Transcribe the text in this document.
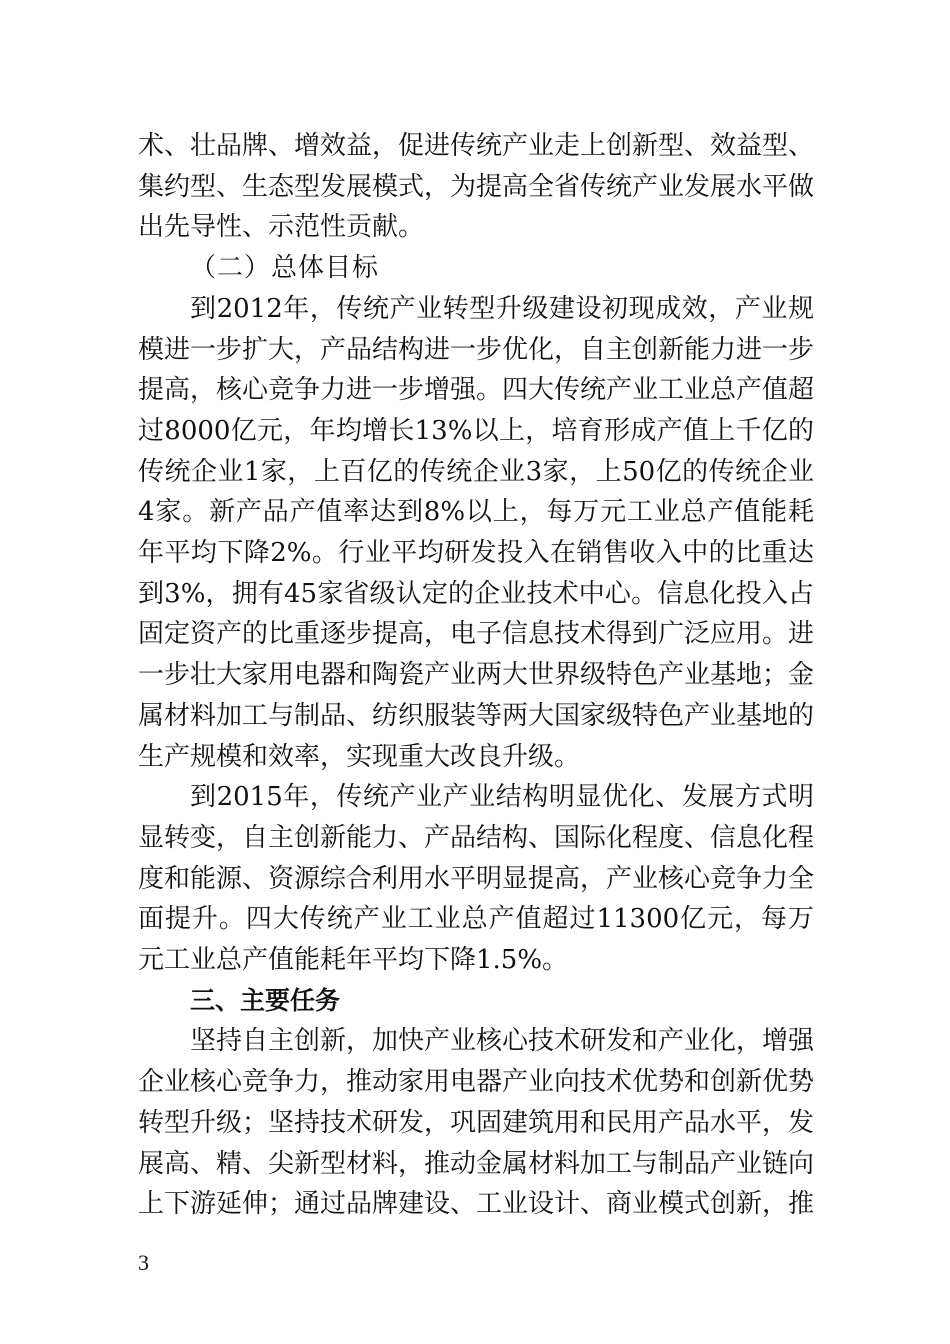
术、壮品牌、增效益，促进传统产业走上创新型、效益型、集约型、生态型发展模式，为提高全省传统产业发展水平做出先导性、示范性贡献。

（二）总体目标

到2012年，传统产业转型升级建设初现成效，产业规模进一步扩大，产品结构进一步优化，自主创新能力进一步提高，核心竞争力进一步增强。四大传统产业工业总产值超过8000亿元，年均增长13%以上，培育形成产值上千亿的传统企业1家，上百亿的传统企业3家，上50亿的传统企业4家。新产品产值率达到8%以上，每万元工业总产值能耗年平均下降2%。行业平均研发投入在销售收入中的比重达到3%，拥有45家省级认定的企业技术中心。信息化投入占固定资产的比重逐步提高，电子信息技术得到广泛应用。进一步壮大家用电器和陶瓷产业两大世界级特色产业基地；金属材料加工与制品、纺织服装等两大国家级特色产业基地的生产规模和效率，实现重大改良升级。

到2015年，传统产业产业结构明显优化、发展方式明显转变，自主创新能力、产品结构、国际化程度、信息化程度和能源、资源综合利用水平明显提高，产业核心竞争力全面提升。四大传统产业工业总产值超过11300亿元，每万元工业总产值能耗年平均下降1.5%。

三、主要任务

坚持自主创新，加快产业核心技术研发和产业化，增强企业核心竞争力，推动家用电器产业向技术优势和创新优势转型升级；坚持技术研发，巩固建筑用和民用产品水平，发展高、精、尖新型材料，推动金属材料加工与制品产业链向上下游延伸；通过品牌建设、工业设计、商业模式创新，推

3
